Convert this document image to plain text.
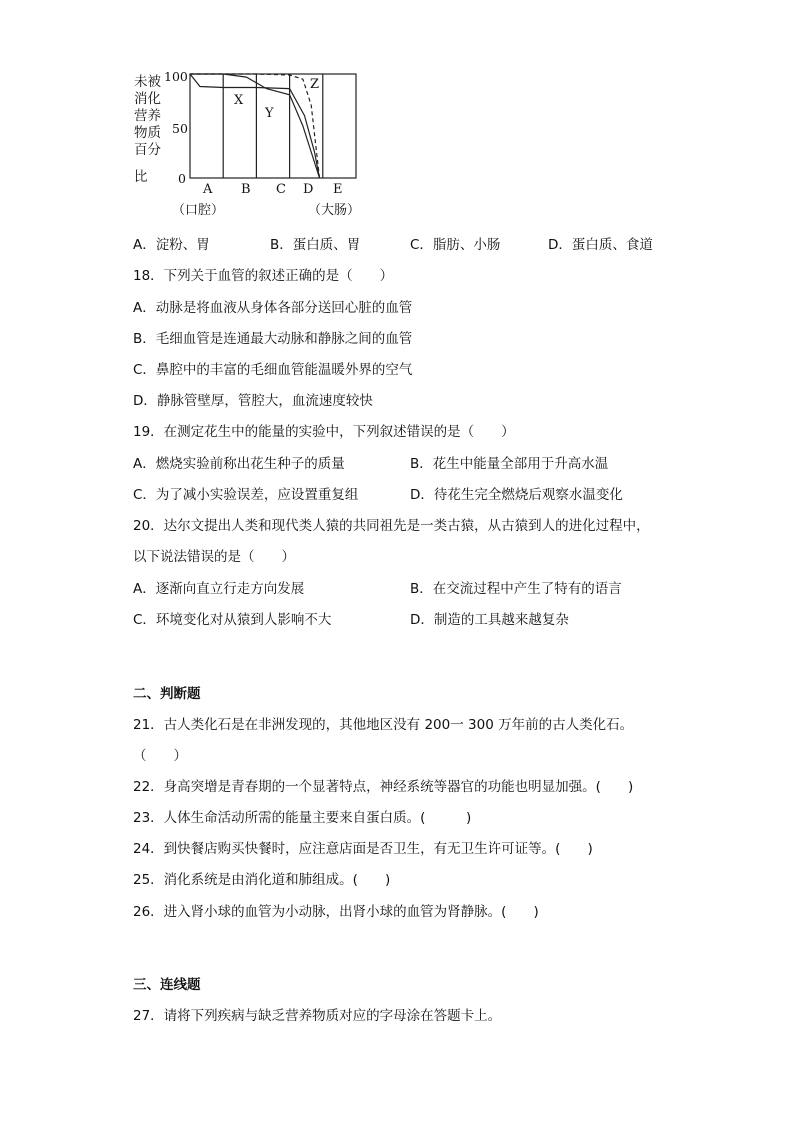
未被
消化
营养
物质
百分
比
100
50
0
A B C D E
（口腔）	（大肠）
X
Y
Z
A．淀粉、胃	B．蛋白质、胃	C．脂肪、小肠	D．蛋白质、食道
18．下列关于血管的叙述正确的是（　　）
A．动脉是将血液从身体各部分送回心脏的血管
B．毛细血管是连通最大动脉和静脉之间的血管
C．鼻腔中的丰富的毛细血管能温暖外界的空气
D．静脉管壁厚，管腔大，血流速度较快
19．在测定花生中的能量的实验中，下列叙述错误的是（　　）
A．燃烧实验前称出花生种子的质量	B．花生中能量全部用于升高水温
C．为了减小实验误差，应设置重复组	D．待花生完全燃烧后观察水温变化
20．达尔文提出人类和现代类人猿的共同祖先是一类古猿，从古猿到人的进化过程中，
以下说法错误的是（　　）
A．逐渐向直立行走方向发展	B．在交流过程中产生了特有的语言
C．环境变化对从猿到人影响不大	D．制造的工具越来越复杂
二、判断题
21．古人类化石是在非洲发现的，其他地区没有 200一 300 万年前的古人类化石。
（　　）
22．身高突增是青春期的一个显著特点，神经系统等器官的功能也明显加强。(　　)
23．人体生命活动所需的能量主要来自蛋白质。(　　　)
24．到快餐店购买快餐时，应注意店面是否卫生，有无卫生许可证等。(　　)
25．消化系统是由消化道和肺组成。(　　)
26．进入肾小球的血管为小动脉，出肾小球的血管为肾静脉。(　　)
三、连线题
27．请将下列疾病与缺乏营养物质对应的字母涂在答题卡上。
